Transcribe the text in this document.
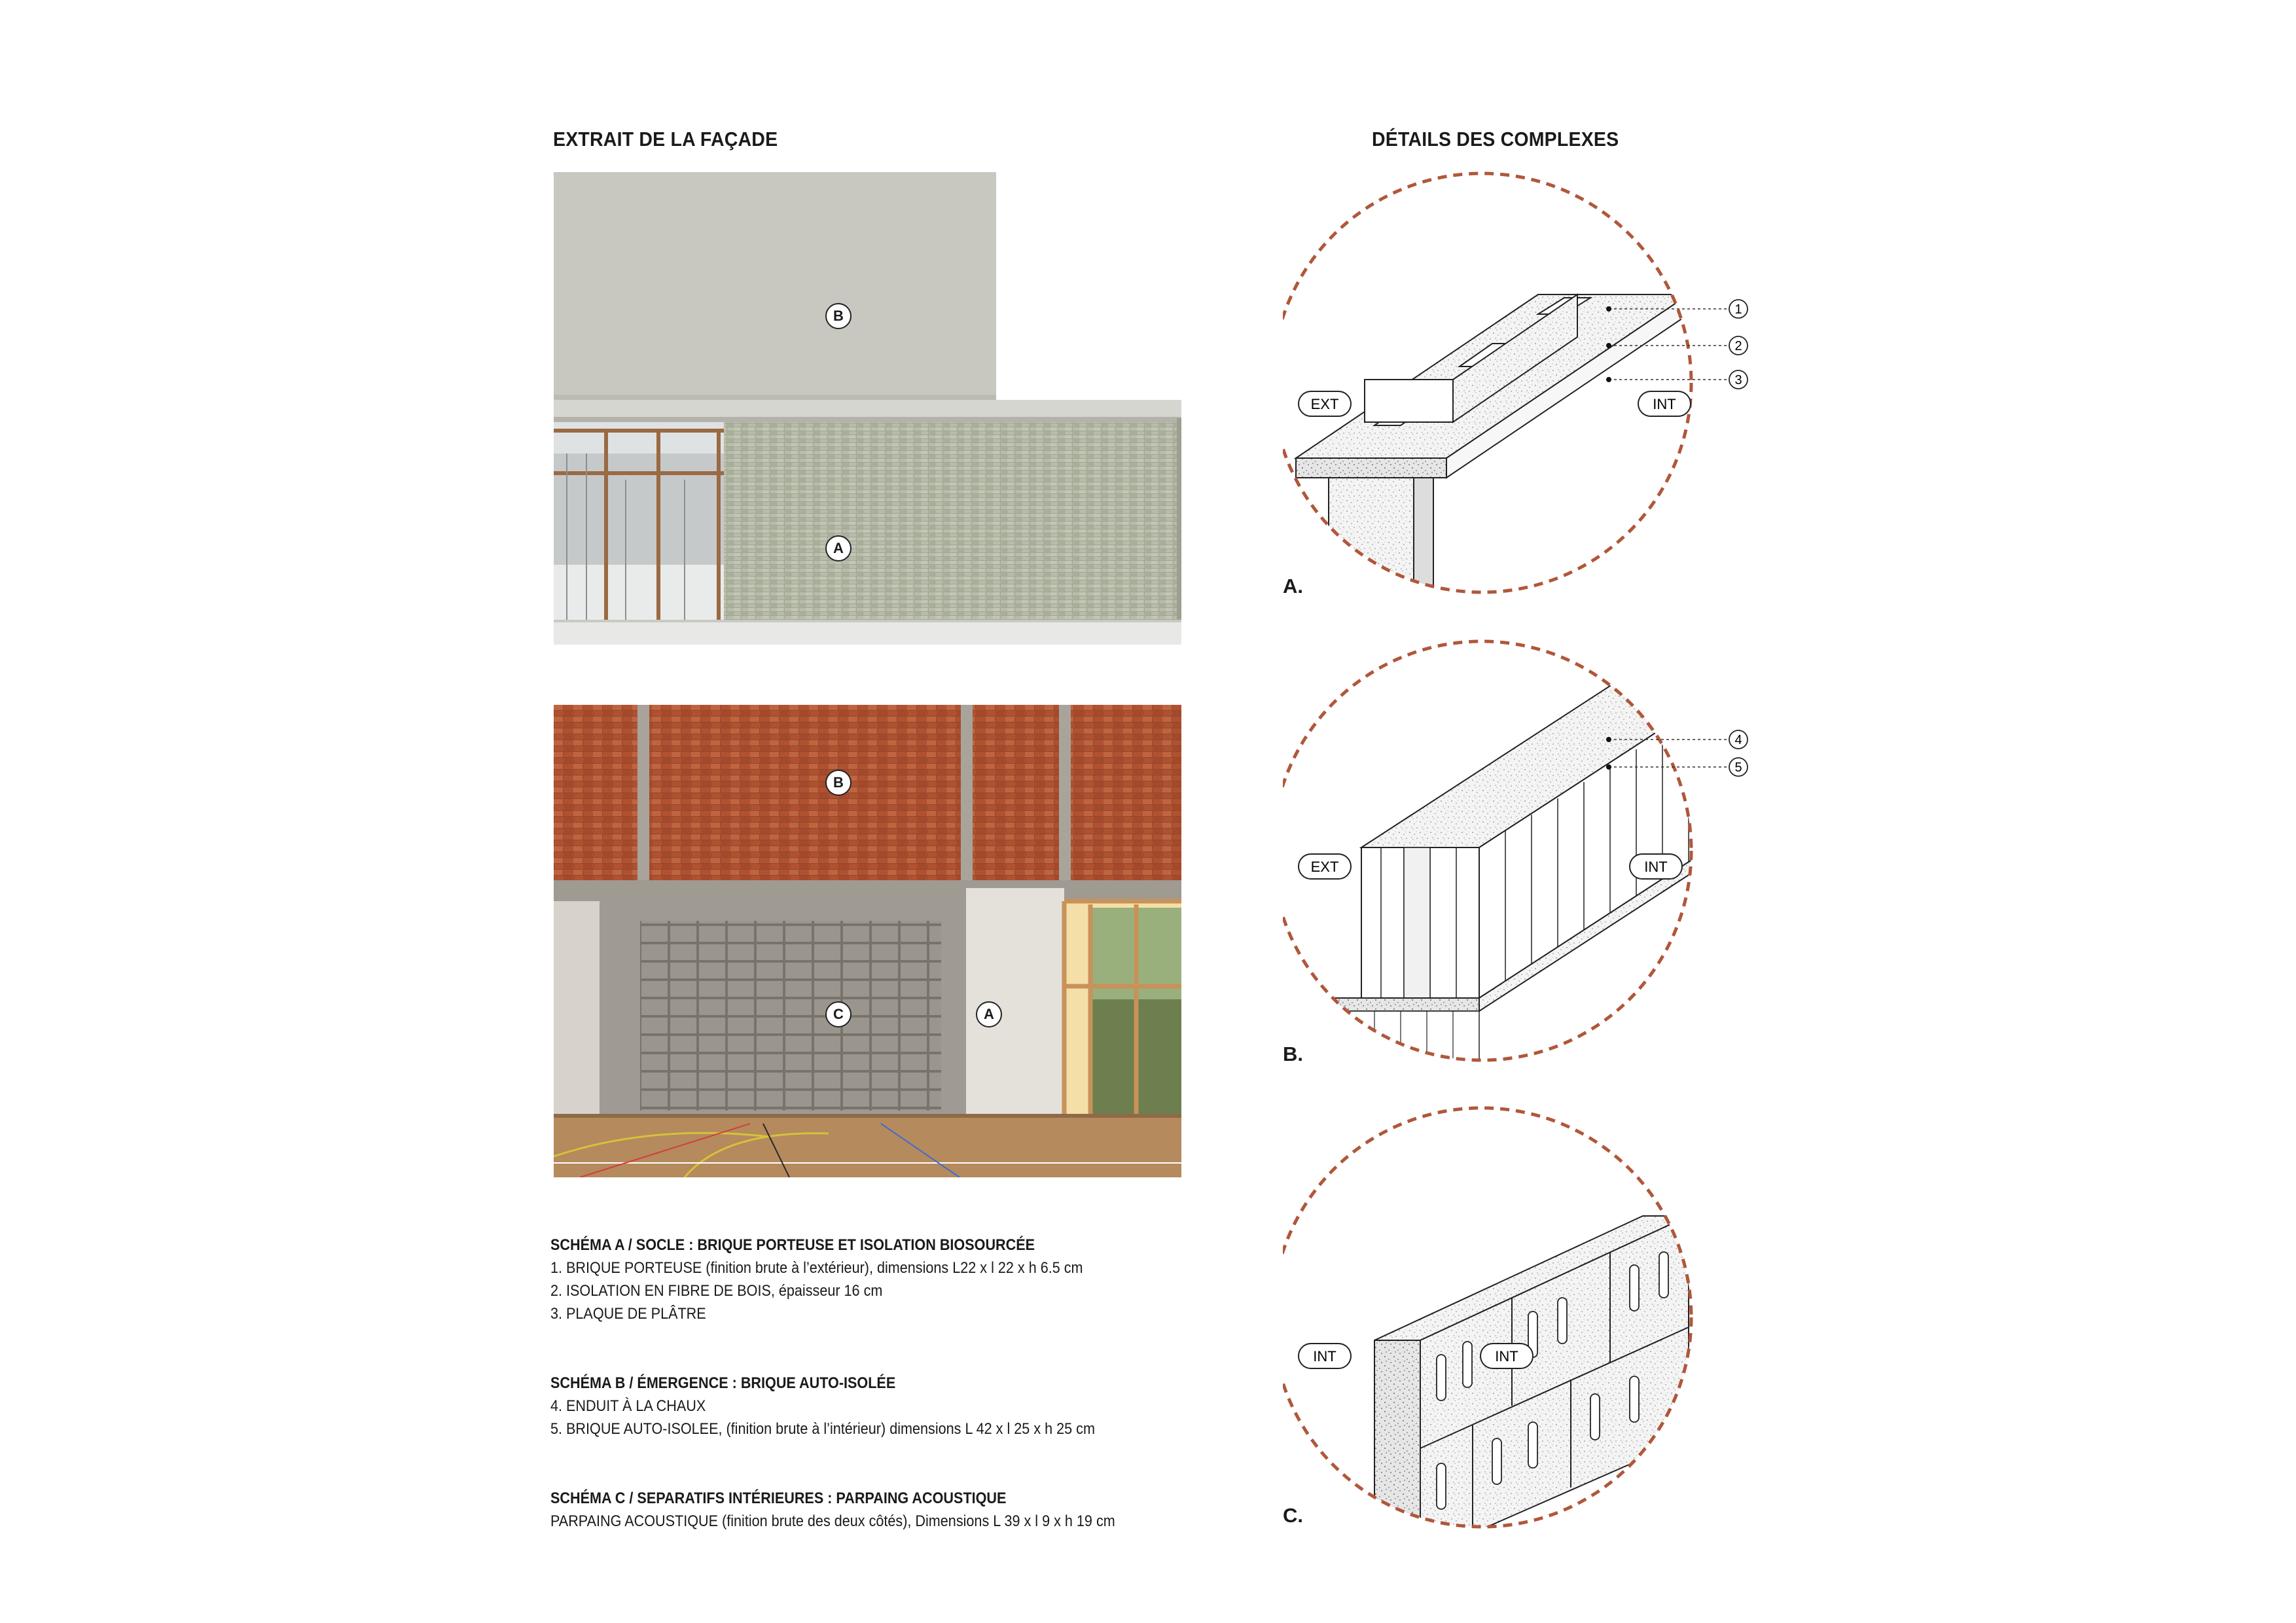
EXTRAIT DE LA FAÇADE	DÉTAILS DES COMPLEXES
B
A
B
C	A
SCHÉMA A / SOCLE : BRIQUE PORTEUSE ET ISOLATION BIOSOURCÉE
1. BRIQUE PORTEUSE (finition brute à l’extérieur), dimensions L22 x l 22 x h 6.5 cm
2. ISOLATION EN FIBRE DE BOIS, épaisseur 16 cm
3. PLAQUE DE PLÂTRE
SCHÉMA B / ÉMERGENCE : BRIQUE AUTO-ISOLÉE
4. ENDUIT À LA CHAUX
5. BRIQUE AUTO-ISOLEE, (finition brute à l’intérieur) dimensions L 42 x l 25 x h 25 cm
SCHÉMA C / SEPARATIFS INTÉRIEURES : PARPAING ACOUSTIQUE
PARPAING ACOUSTIQUE (finition brute des deux côtés), Dimensions L 39 x l 9 x h 19 cm
1
2
3
EXT	INT
A.
4
5
EXT	INT
B.
INT	INT
C.
